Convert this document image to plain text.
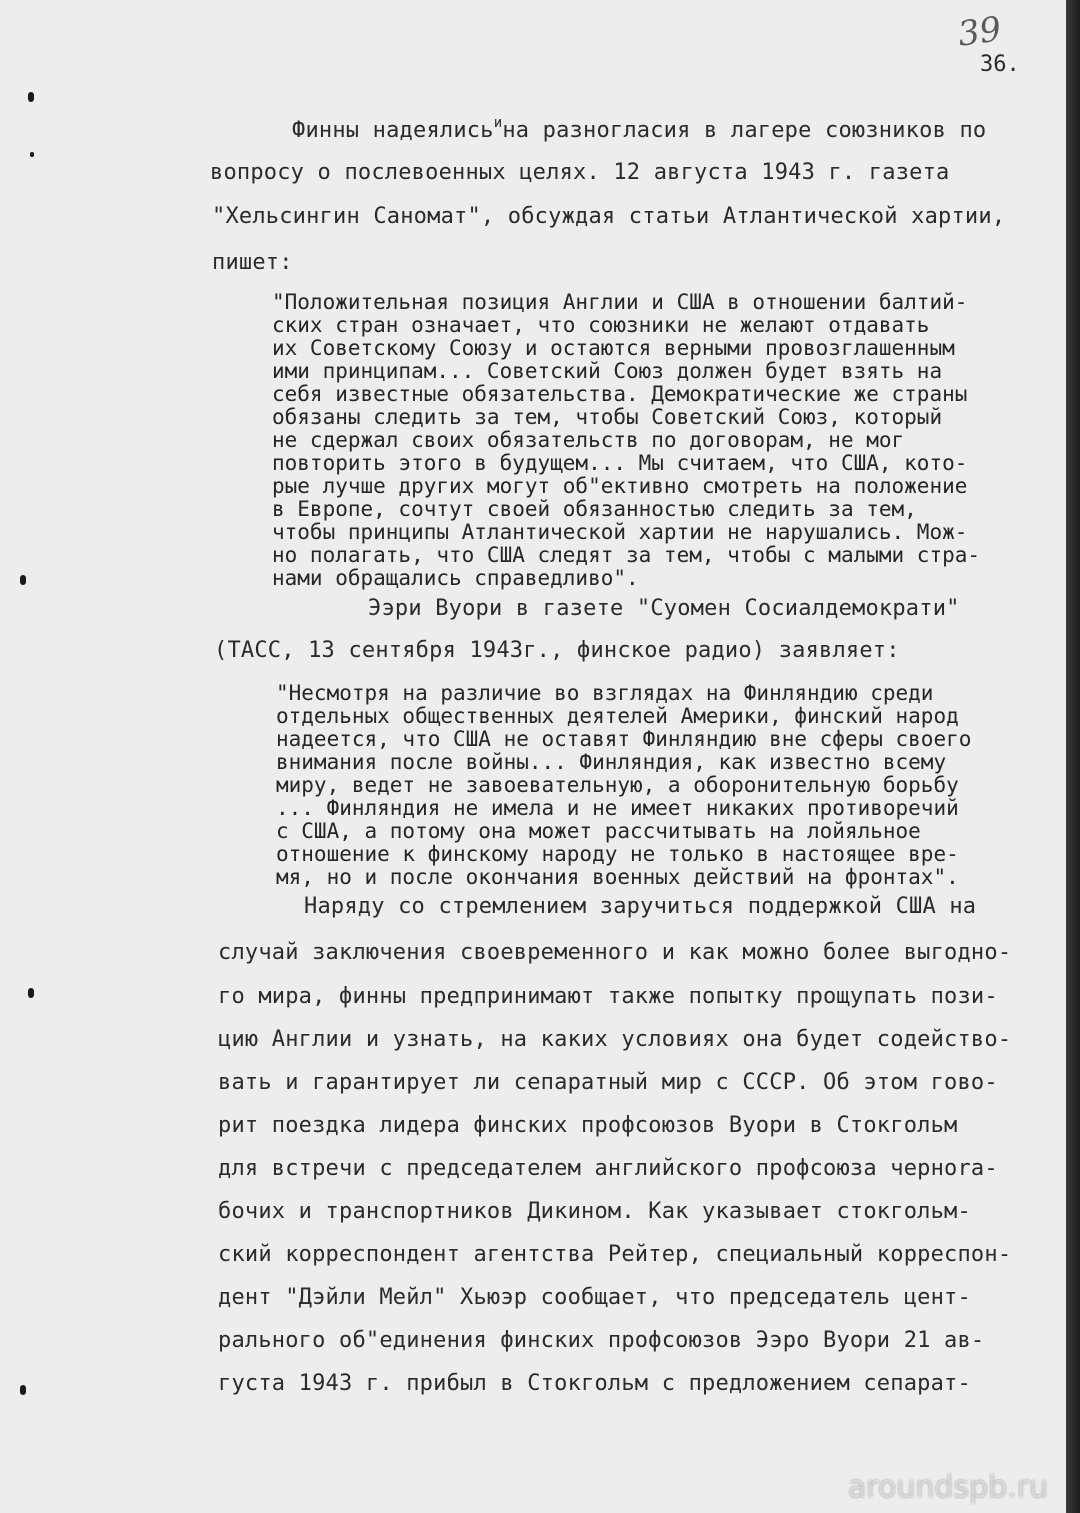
39
36.
Финны надеялись$^и$на разногласия в лагере союзников по
вопросу о послевоенных целях. 12 августа 1943 г. газета
"Хельсингин Саномат", обсуждая статьи Атлантической хартии,
пишет:
"Положительная позиция Англии и США в отношении балтий-
ских стран означает, что союзники не желают отдавать
их Советскому Союзу и остаются верными провозглашенным
ими принципам... Советский Союз должен будет взять на
себя известные обязательства. Демократические же страны
обязаны следить за тем, чтобы Советский Союз, который
не сдержал своих обязательств по договорам, не мог
повторить этого в будущем... Мы считаем, что США, кото-
рые лучше других могут об"ективно смотреть на положение
в Европе, сочтут своей обязанностью следить за тем,
чтобы принципы Атлантической хартии не нарушались. Мож-
но полагать, что США следят за тем, чтобы с малыми стра-
нами обращались справедливо".
Ээри Вуори в газете "Суомен Сосиалдемократи"
(ТАСС, 13 сентября 1943г., финское радио) заявляет:
"Несмотря на различие во взглядах на Финляндию среди
отдельных общественных деятелей Америки, финский народ
надеется, что США не оставят Финляндию вне сферы своего
внимания после войны... Финляндия, как известно всему
миру, ведет не завоевательную, а оборонительную борьбу
... Финляндия не имела и не имеет никаких противоречий
с США, а потому она может рассчитывать на лойяльное
отношение к финскому народу не только в настоящее вре-
мя, но и после окончания военных действий на фронтах".
Наряду со стремлением заручиться поддержкой США на
случай заключения своевременного и как можно более выгодно-
го мира, финны предпринимают также попытку прощупать пози-
цию Англии и узнать, на каких условиях она будет содейство-
вать и гарантирует ли сепаратный мир с СССР. Об этом гово-
рит поездка лидера финских профсоюзов Вуори в Стокгольм
для встречи с председателем английского профсоюза черноra-
бочих и транспортников Дикином. Как указывает стокгольм-
ский корреспондент агентства Рейтер, специальный корреспон-
дент "Дэйли Мейл" Хьюэр сообщает, что председатель цент-
рального об"единения финских профсоюзов Ээро Вуори 21 ав-
густа 1943 г. прибыл в Стокгольм с предложением сепарат-
aroundspb.ru
